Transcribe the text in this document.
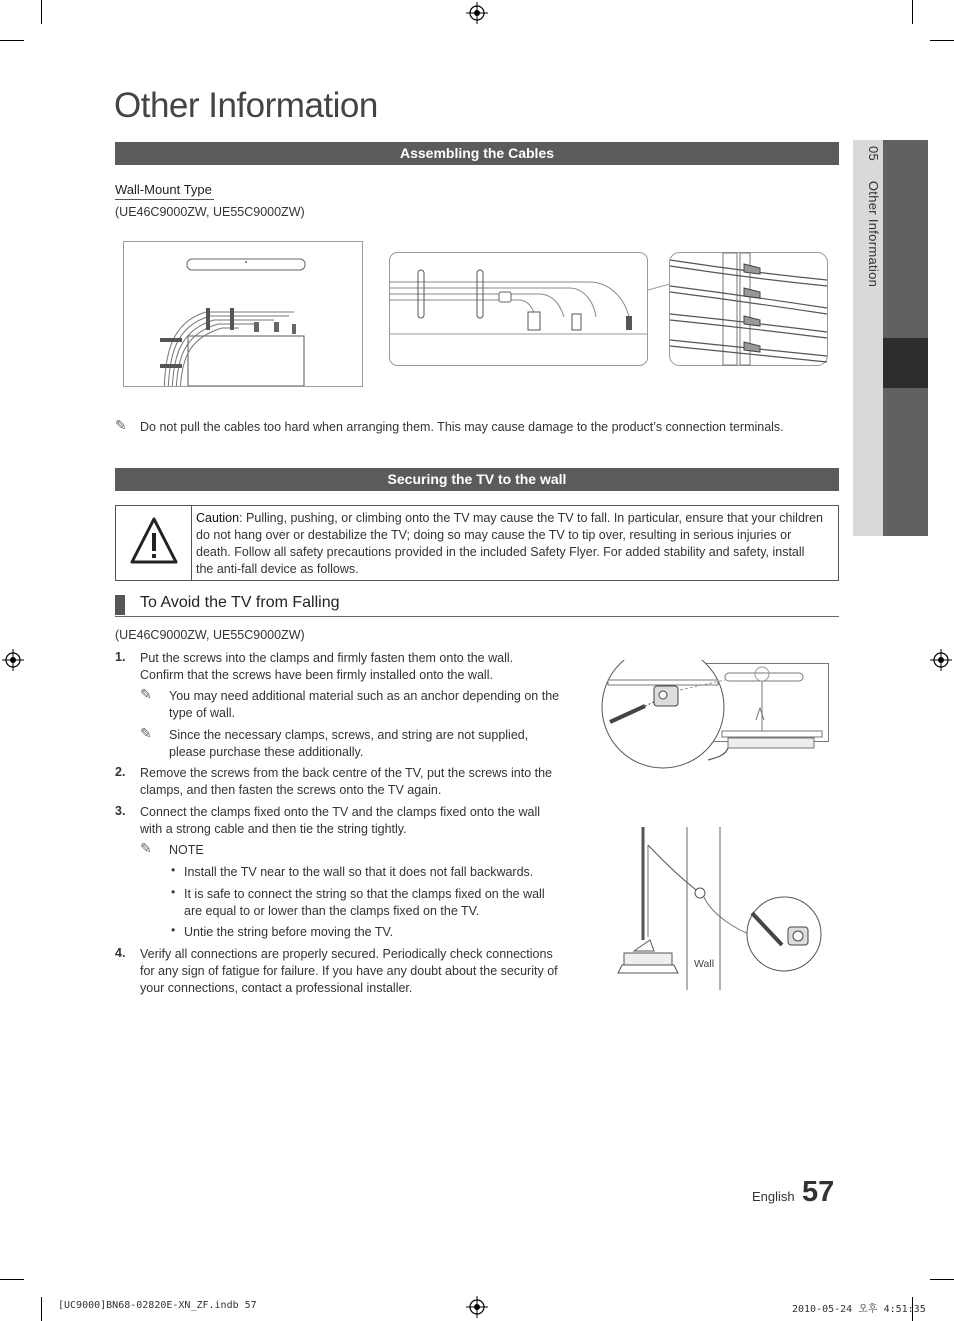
Other Information
05  Other Information
Assembling the Cables
Wall-Mount Type
(UE46C9000ZW, UE55C9000ZW)
✎ Do not pull the cables too hard when arranging them. This may cause damage to the product’s connection terminals.
Securing the TV to the wall
Caution: Pulling, pushing, or climbing onto the TV may cause the TV to fall. In particular, ensure that your children do not hang over or destabilize the TV; doing so may cause the TV to tip over, resulting in serious injuries or death. Follow all safety precautions provided in the included Safety Flyer. For added stability and safety, install the anti-fall device as follows.
To Avoid the TV from Falling
(UE46C9000ZW, UE55C9000ZW)
1. Put the screws into the clamps and firmly fasten them onto the wall. Confirm that the screws have been firmly installed onto the wall.
✎ You may need additional material such as an anchor depending on the type of wall.
✎ Since the necessary clamps, screws, and string are not supplied, please purchase these additionally.
2. Remove the screws from the back centre of the TV, put the screws into the clamps, and then fasten the screws onto the TV again.
3. Connect the clamps fixed onto the TV and the clamps fixed onto the wall with a strong cable and then tie the string tightly.
✎ NOTE
• Install the TV near to the wall so that it does not fall backwards.
• It is safe to connect the string so that the clamps fixed on the wall are equal to or lower than the clamps fixed on the TV.
• Untie the string before moving the TV.
4. Verify all connections are properly secured. Periodically check connections for any sign of fatigue for failure. If you have any doubt about the security of your connections, contact a professional installer.
Wall
English 57
[UC9000]BN68-02820E-XN_ZF.indb 57	2010-05-24 오후 4:51:35
